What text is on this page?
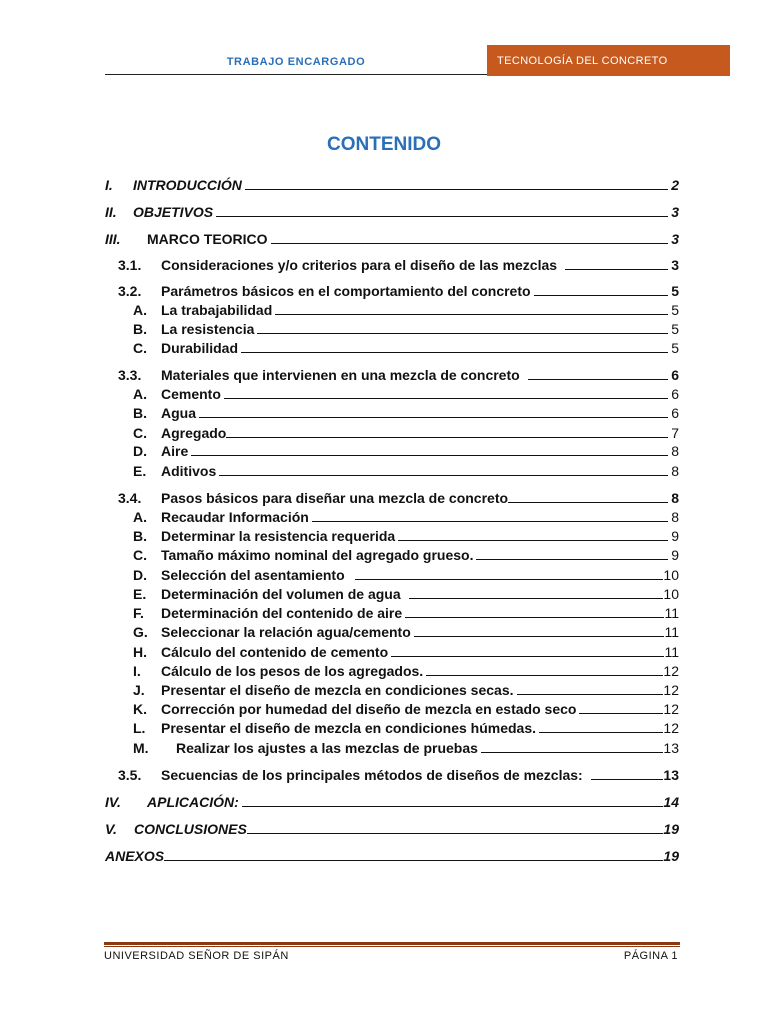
TRABAJO ENCARGADO	TECNOLOGÍA DEL CONCRETO
CONTENIDO
I.	INTRODUCCIÓN	2
II.	OBJETIVOS	3
III.	MARCO TEORICO	3
3.1.	Consideraciones y/o criterios para el diseño de las mezclas	3
3.2.	Parámetros básicos en el comportamiento del concreto	5
A.	La trabajabilidad	5
B.	La resistencia	5
C.	Durabilidad	5
3.3.	Materiales que intervienen en una mezcla de concreto	6
A.	Cemento	6
B.	Agua	6
C.	Agregado	7
D.	Aire	8
E.	Aditivos	8
3.4.	Pasos básicos para diseñar una mezcla de concreto	8
A.	Recaudar Información	8
B.	Determinar la resistencia requerida	9
C.	Tamaño máximo nominal del agregado grueso.	9
D.	Selección del asentamiento	10
E.	Determinación del volumen de agua	10
F.	Determinación del contenido de aire	11
G. Seleccionar la relación agua/cemento	11
H.	Cálculo del contenido de cemento	11
I.	Cálculo de los pesos de los agregados.	12
J.	Presentar el diseño de mezcla en condiciones secas.	12
K.	Corrección por humedad del diseño de mezcla en estado seco	12
L.	Presentar el diseño de mezcla en condiciones húmedas.	12
M.	Realizar los ajustes a las mezclas de pruebas	13
3.5.	Secuencias de los principales métodos de diseños de mezclas:	13
IV.	APLICACIÓN:	14
V.	CONCLUSIONES	19
ANEXOS	19
UNIVERSIDAD SEÑOR DE SIPÁN	PÁGINA 1
